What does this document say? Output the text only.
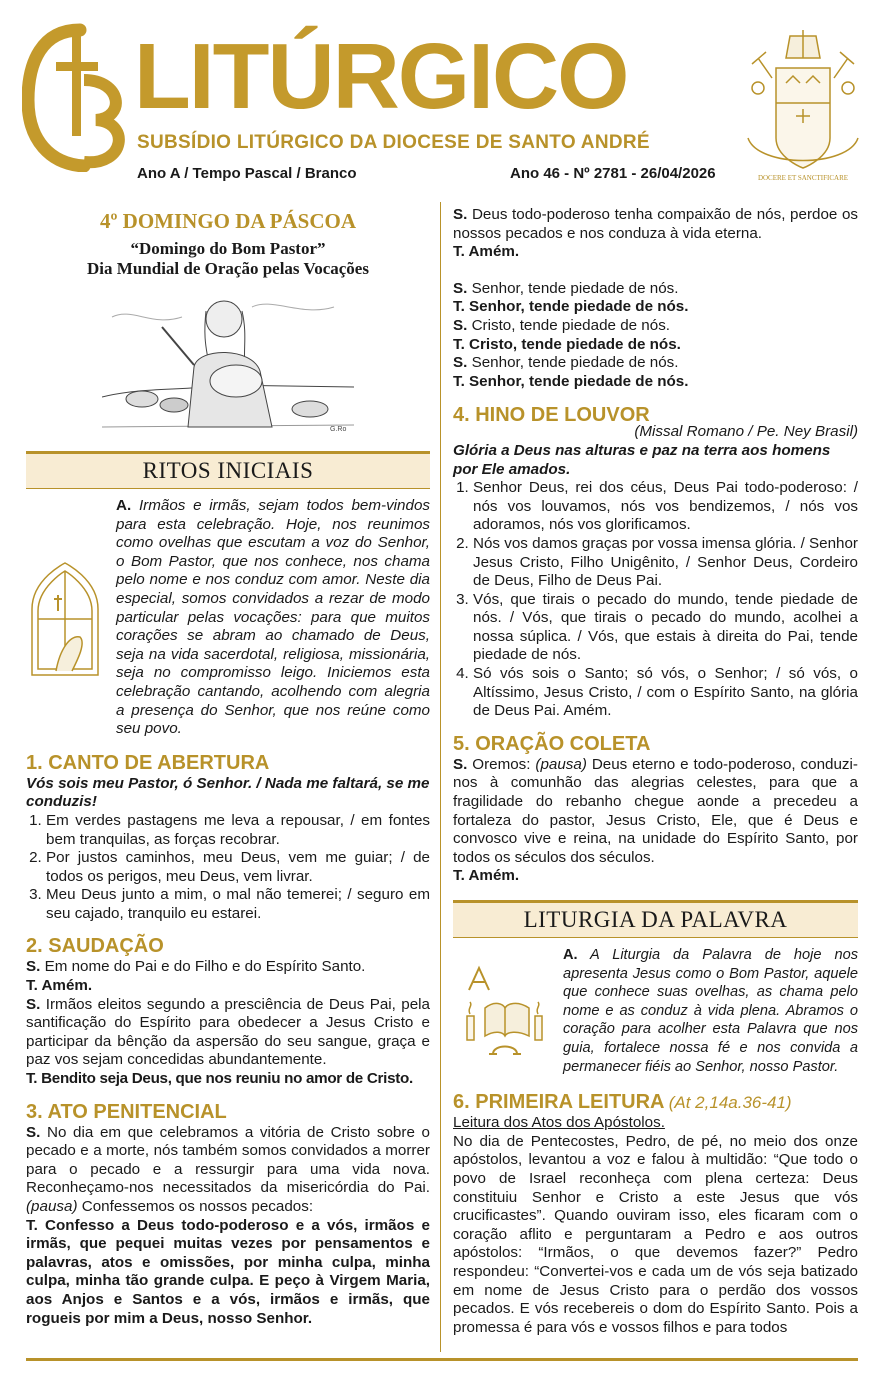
LITÚRGICO
SUBSÍDIO LITÚRGICO DA DIOCESE DE SANTO ANDRÉ
Ano A / Tempo Pascal / Branco	Ano 46 - Nº 2781 - 26/04/2026	DOCERE ET SANCTIFICARE

4º DOMINGO DA PÁSCOA

“Domingo do Bom Pastor”

Dia Mundial de Oração pelas Vocações

G.Ro
RITOS INICIAIS

A. Irmãos e irmãs, sejam todos bem-vindos para esta celebração. Hoje, nos reunimos como ovelhas que escutam a voz do Senhor, o Bom Pastor, que nos conhece, nos chama pelo nome e nos conduz com amor. Neste dia especial, somos convidados a rezar de modo particular pelas vocações: para que muitos corações se abram ao chamado de Deus, seja na vida sacerdotal, religiosa, missionária, seja no compromisso leigo. Iniciemos esta celebração cantando, acolhendo com alegria a presença do Senhor, que nos reúne como seu povo.

1. CANTO DE ABERTURA

Vós sois meu Pastor, ó Senhor. / Nada me faltará, se me conduzis!

1. Em verdes pastagens me leva a repousar, / em fontes bem tranquilas, as forças recobrar.
2. Por justos caminhos, meu Deus, vem me guiar; / de todos os perigos, meu Deus, vem livrar.
3. Meu Deus junto a mim, o mal não temerei; / seguro em seu cajado, tranquilo eu estarei.

2. SAUDAÇÃO

S. Em nome do Pai e do Filho e do Espírito Santo.

T. Amém.

S. Irmãos eleitos segundo a presciência de Deus Pai, pela santificação do Espírito para obedecer a Jesus Cristo e participar da bênção da aspersão do seu sangue, graça e paz vos sejam concedidas abundantemente.

T. Bendito seja Deus, que nos reuniu no amor de Cristo.

3. ATO PENITENCIAL

S. No dia em que celebramos a vitória de Cristo sobre o pecado e a morte, nós também somos convidados a morrer para o pecado e a ressurgir para uma vida nova. Reconheçamo-nos necessitados da misericórdia do Pai. (pausa) Confessemos os nossos pecados:

T. Confesso a Deus todo-poderoso e a vós, irmãos e irmãs, que pequei muitas vezes por pensamentos e palavras, atos e omissões, por minha culpa, minha culpa, minha tão grande culpa. E peço à Virgem Maria, aos Anjos e Santos e a vós, irmãos e irmãs, que rogueis por mim a Deus, nosso Senhor.

S. Deus todo-poderoso tenha compaixão de nós, perdoe os nossos pecados e nos conduza à vida eterna.

T. Amém.

S. Senhor, tende piedade de nós.

T. Senhor, tende piedade de nós.

S. Cristo, tende piedade de nós.

T. Cristo, tende piedade de nós.

S. Senhor, tende piedade de nós.

T. Senhor, tende piedade de nós.

4. HINO DE LOUVOR

(Missal Romano / Pe. Ney Brasil)

Glória a Deus nas alturas e paz na terra aos homens por Ele amados.

1. Senhor Deus, rei dos céus, Deus Pai todo-poderoso: / nós vos louvamos, nós vos bendizemos, / nós vos adoramos, nós vos glorificamos.
2. Nós vos damos graças por vossa imensa glória. / Senhor Jesus Cristo, Filho Unigênito, / Senhor Deus, Cordeiro de Deus, Filho de Deus Pai.
3. Vós, que tirais o pecado do mundo, tende piedade de nós. / Vós, que tirais o pecado do mundo, acolhei a nossa súplica. / Vós, que estais à direita do Pai, tende piedade de nós.
4. Só vós sois o Santo; só vós, o Senhor; / só vós, o Altíssimo, Jesus Cristo, / com o Espírito Santo, na glória de Deus Pai. Amém.

5. ORAÇÃO COLETA

S. Oremos: (pausa) Deus eterno e todo-poderoso, conduzi-nos à comunhão das alegrias celestes, para que a fragilidade do rebanho chegue aonde a precedeu a fortaleza do pastor, Jesus Cristo, Ele, que é Deus e convosco vive e reina, na unidade do Espírito Santo, por todos os séculos dos séculos.

T. Amém.

LITURGIA DA PALAVRA

A. A Liturgia da Palavra de hoje nos apresenta Jesus como o Bom Pastor, aquele que conhece suas ovelhas, as chama pelo nome e as conduz à vida plena. Abramos o coração para acolher esta Palavra que nos guia, fortalece nossa fé e nos convida a permanecer fiéis ao Senhor, nosso Pastor.

6. PRIMEIRA LEITURA (At 2,14a.36-41)

Leitura dos Atos dos Apóstolos.

No dia de Pentecostes, Pedro, de pé, no meio dos onze apóstolos, levantou a voz e falou à multidão: “Que todo o povo de Israel reconheça com plena certeza: Deus constituiu Senhor e Cristo a este Jesus que vós crucificastes”. Quando ouviram isso, eles ficaram com o coração aflito e perguntaram a Pedro e aos outros apóstolos: “Irmãos, o que devemos fazer?” Pedro respondeu: “Convertei-vos e cada um de vós seja batizado em nome de Jesus Cristo para o perdão dos vossos pecados. E vós recebereis o dom do Espírito Santo. Pois a promessa é para vós e vossos filhos e para todos
